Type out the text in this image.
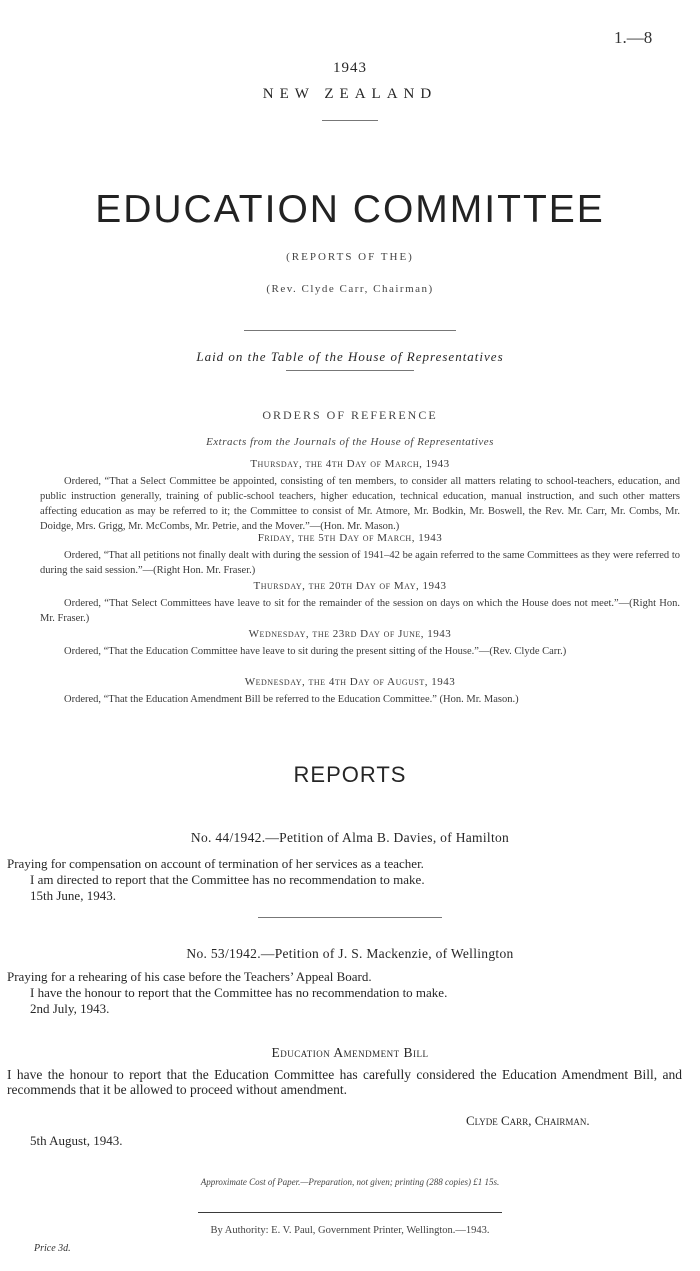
1.—8
1943
NEW ZEALAND
EDUCATION COMMITTEE
(REPORTS OF THE)
(Rev. Clyde Carr, Chairman)
Laid on the Table of the House of Representatives
ORDERS OF REFERENCE
Extracts from the Journals of the House of Representatives
Thursday, the 4th Day of March, 1943
Ordered, “That a Select Committee be appointed, consisting of ten members, to consider all matters relating to school-teachers, education, and public instruction generally, training of public-school teachers, higher education, technical education, manual instruction, and such other matters affecting education as may be referred to it; the Committee to consist of Mr. Atmore, Mr. Bodkin, Mr. Boswell, the Rev. Mr. Carr, Mr. Combs, Mr. Doidge, Mrs. Grigg, Mr. McCombs, Mr. Petrie, and the Mover.”—(Hon. Mr. Mason.)
Friday, the 5th Day of March, 1943
Ordered, “That all petitions not finally dealt with during the session of 1941–42 be again referred to the same Committees as they were referred to during the said session.”—(Right Hon. Mr. Fraser.)
Thursday, the 20th Day of May, 1943
Ordered, “That Select Committees have leave to sit for the remainder of the session on days on which the House does not meet.”—(Right Hon. Mr. Fraser.)
Wednesday, the 23rd Day of June, 1943
Ordered, “That the Education Committee have leave to sit during the present sitting of the House.”—(Rev. Clyde Carr.)
Wednesday, the 4th Day of August, 1943
Ordered, “That the Education Amendment Bill be referred to the Education Committee.” (Hon. Mr. Mason.)
REPORTS
No. 44/1942.—Petition of Alma B. Davies, of Hamilton
Praying for compensation on account of termination of her services as a teacher.
I am directed to report that the Committee has no recommendation to make.
15th June, 1943.
No. 53/1942.—Petition of J. S. Mackenzie, of Wellington
Praying for a rehearing of his case before the Teachers’ Appeal Board.
I have the honour to report that the Committee has no recommendation to make.
2nd July, 1943.
Education Amendment Bill
I have the honour to report that the Education Committee has carefully considered the Education Amendment Bill, and recommends that it be allowed to proceed without amendment.
Clyde Carr, Chairman.
5th August, 1943.
Approximate Cost of Paper.—Preparation, not given; printing (288 copies) £1 15s.
By Authority: E. V. Paul, Government Printer, Wellington.—1943.
Price 3d.
